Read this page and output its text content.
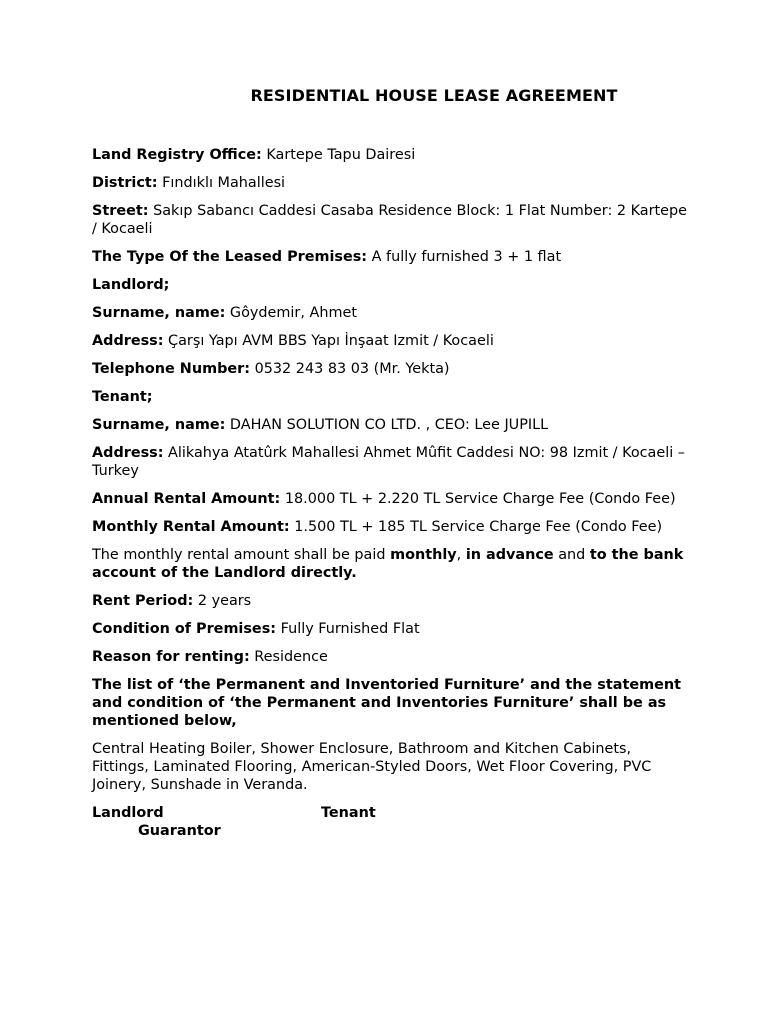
RESIDENTIAL HOUSE LEASE AGREEMENT

Land Registry Office: Kartepe Tapu Dairesi

District: Fındıklı Mahallesi

Street: Sakıp Sabancı Caddesi Casaba Residence Block: 1 Flat Number: 2 Kartepe / Kocaeli

The Type Of the Leased Premises: A fully furnished 3 + 1 flat

Landlord;

Surname, name: Gôydemir, Ahmet

Address: Çarşı Yapı AVM BBS Yapı İnşaat Izmit / Kocaeli

Telephone Number: 0532 243 83 03 (Mr. Yekta)

Tenant;

Surname, name: DAHAN SOLUTION CO LTD. , CEO: Lee JUPILL

Address: Alikahya Atatûrk Mahallesi Ahmet Mûfit Caddesi NO: 98 Izmit / Kocaeli – Turkey

Annual Rental Amount: 18.000 TL + 2.220 TL Service Charge Fee (Condo Fee)

Monthly Rental Amount: 1.500 TL + 185 TL Service Charge Fee (Condo Fee)

The monthly rental amount shall be paid monthly, in advance and to the bank account of the Landlord directly.

Rent Period: 2 years

Condition of Premises: Fully Furnished Flat

Reason for renting: Residence

The list of ‘the Permanent and Inventoried Furniture’ and the statement and condition of ‘the Permanent and Inventories Furniture’ shall be as mentioned below,

Central Heating Boiler, Shower Enclosure, Bathroom and Kitchen Cabinets, Fittings, Laminated Flooring, American-Styled Doors, Wet Floor Covering, PVC Joinery, Sunshade in Veranda.

Landlord	Tenant
Guarantor
